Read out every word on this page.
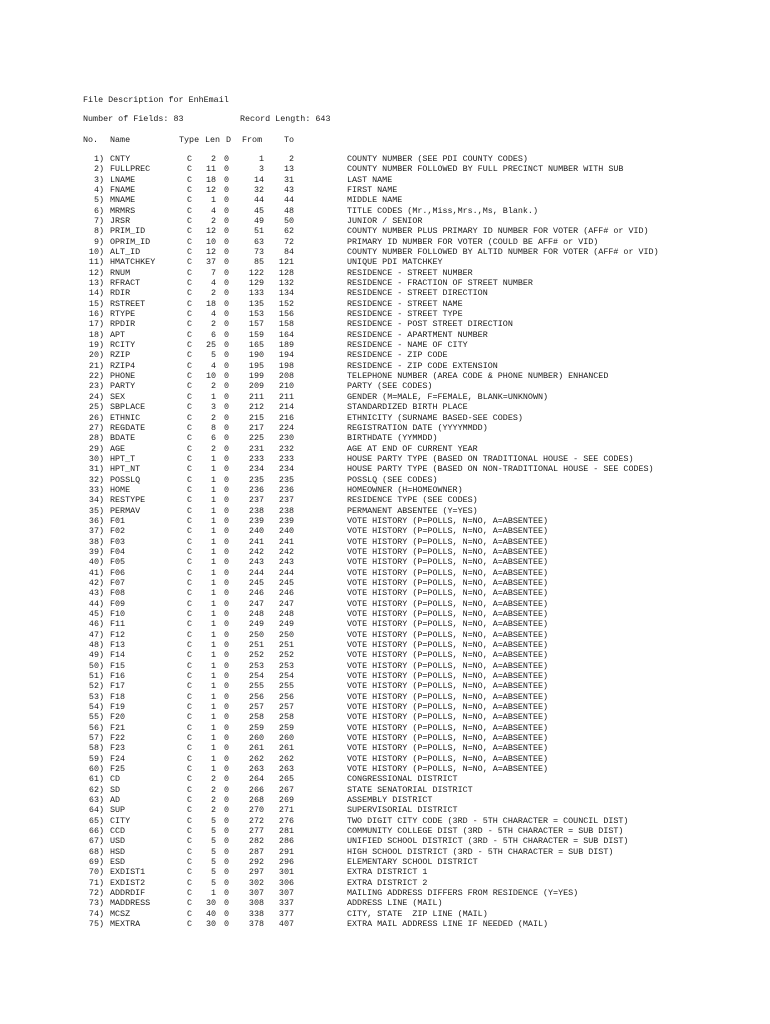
File Description for EnhEmail
Number of Fields: 83	Record Length: 643
No. Name	Type Len D From	To
1) CNTY	C	2 0	1	2	COUNTY NUMBER (SEE PDI COUNTY CODES)
2) FULLPREC	C	11 0	3	13	COUNTY NUMBER FOLLOWED BY FULL PRECINCT NUMBER WITH SUB
3) LNAME	C	18 0	14	31	LAST NAME
4) FNAME	C	12 0	32	43	FIRST NAME
5) MNAME	C	1 0	44	44	MIDDLE NAME
6) MRMRS	C	4 0	45	48	TITLE CODES (Mr.,Miss,Mrs.,Ms, Blank.)
7) JRSR	C	2 0	49	50	JUNIOR / SENIOR
8) PRIM_ID	C	12 0	51	62	COUNTY NUMBER PLUS PRIMARY ID NUMBER FOR VOTER (AFF# or VID)
9) OPRIM_ID	C	10 0	63	72	PRIMARY ID NUMBER FOR VOTER (COULD BE AFF# or VID)
10) ALT_ID	C	12 0	73	84	COUNTY NUMBER FOLLOWED BY ALTID NUMBER FOR VOTER (AFF# or VID)
11) HMATCHKEY	C	37 0	85	121	UNIQUE PDI MATCHKEY
12) RNUM	C	7 0	122	128	RESIDENCE - STREET NUMBER
13) RFRACT	C	4 0	129	132	RESIDENCE - FRACTION OF STREET NUMBER
14) RDIR	C	2 0	133	134	RESIDENCE - STREET DIRECTION
15) RSTREET	C	18 0	135	152	RESIDENCE - STREET NAME
16) RTYPE	C	4 0	153	156	RESIDENCE - STREET TYPE
17) RPDIR	C	2 0	157	158	RESIDENCE - POST STREET DIRECTION
18) APT	C	6 0	159	164	RESIDENCE - APARTMENT NUMBER
19) RCITY	C	25 0	165	189	RESIDENCE - NAME OF CITY
20) RZIP	C	5 0	190	194	RESIDENCE - ZIP CODE
21) RZIP4	C	4 0	195	198	RESIDENCE - ZIP CODE EXTENSION
22) PHONE	C	10 0	199	208	TELEPHONE NUMBER (AREA CODE & PHONE NUMBER) ENHANCED
23) PARTY	C	2 0	209	210	PARTY (SEE CODES)
24) SEX	C	1 0	211	211	GENDER (M=MALE, F=FEMALE, BLANK=UNKNOWN)
25) SBPLACE	C	3 0	212	214	STANDARDIZED BIRTH PLACE
26) ETHNIC	C	2 0	215	216	ETHNICITY (SURNAME BASED-SEE CODES)
27) REGDATE	C	8 0	217	224	REGISTRATION DATE (YYYYMMDD)
28) BDATE	C	6 0	225	230	BIRTHDATE (YYMMDD)
29) AGE	C	2 0	231	232	AGE AT END OF CURRENT YEAR
30) HPT_T	C	1 0	233	233	HOUSE PARTY TYPE (BASED ON TRADITIONAL HOUSE - SEE CODES)
31) HPT_NT	C	1 0	234	234	HOUSE PARTY TYPE (BASED ON NON-TRADITIONAL HOUSE - SEE CODES)
32) POSSLQ	C	1 0	235	235	POSSLQ (SEE CODES)
33) HOME	C	1 0	236	236	HOMEOWNER (H=HOMEOWNER)
34) RESTYPE	C	1 0	237	237	RESIDENCE TYPE (SEE CODES)
35) PERMAV	C	1 0	238	238	PERMANENT ABSENTEE (Y=YES)
36) F01	C	1 0	239	239	VOTE HISTORY (P=POLLS, N=NO, A=ABSENTEE)
37) F02	C	1 0	240	240	VOTE HISTORY (P=POLLS, N=NO, A=ABSENTEE)
38) F03	C	1 0	241	241	VOTE HISTORY (P=POLLS, N=NO, A=ABSENTEE)
39) F04	C	1 0	242	242	VOTE HISTORY (P=POLLS, N=NO, A=ABSENTEE)
40) F05	C	1 0	243	243	VOTE HISTORY (P=POLLS, N=NO, A=ABSENTEE)
41) F06	C	1 0	244	244	VOTE HISTORY (P=POLLS, N=NO, A=ABSENTEE)
42) F07	C	1 0	245	245	VOTE HISTORY (P=POLLS, N=NO, A=ABSENTEE)
43) F08	C	1 0	246	246	VOTE HISTORY (P=POLLS, N=NO, A=ABSENTEE)
44) F09	C	1 0	247	247	VOTE HISTORY (P=POLLS, N=NO, A=ABSENTEE)
45) F10	C	1 0	248	248	VOTE HISTORY (P=POLLS, N=NO, A=ABSENTEE)
46) F11	C	1 0	249	249	VOTE HISTORY (P=POLLS, N=NO, A=ABSENTEE)
47) F12	C	1 0	250	250	VOTE HISTORY (P=POLLS, N=NO, A=ABSENTEE)
48) F13	C	1 0	251	251	VOTE HISTORY (P=POLLS, N=NO, A=ABSENTEE)
49) F14	C	1 0	252	252	VOTE HISTORY (P=POLLS, N=NO, A=ABSENTEE)
50) F15	C	1 0	253	253	VOTE HISTORY (P=POLLS, N=NO, A=ABSENTEE)
51) F16	C	1 0	254	254	VOTE HISTORY (P=POLLS, N=NO, A=ABSENTEE)
52) F17	C	1 0	255	255	VOTE HISTORY (P=POLLS, N=NO, A=ABSENTEE)
53) F18	C	1 0	256	256	VOTE HISTORY (P=POLLS, N=NO, A=ABSENTEE)
54) F19	C	1 0	257	257	VOTE HISTORY (P=POLLS, N=NO, A=ABSENTEE)
55) F20	C	1 0	258	258	VOTE HISTORY (P=POLLS, N=NO, A=ABSENTEE)
56) F21	C	1 0	259	259	VOTE HISTORY (P=POLLS, N=NO, A=ABSENTEE)
57) F22	C	1 0	260	260	VOTE HISTORY (P=POLLS, N=NO, A=ABSENTEE)
58) F23	C	1 0	261	261	VOTE HISTORY (P=POLLS, N=NO, A=ABSENTEE)
59) F24	C	1 0	262	262	VOTE HISTORY (P=POLLS, N=NO, A=ABSENTEE)
60) F25	C	1 0	263	263	VOTE HISTORY (P=POLLS, N=NO, A=ABSENTEE)
61) CD	C	2 0	264	265	CONGRESSIONAL DISTRICT
62) SD	C	2 0	266	267	STATE SENATORIAL DISTRICT
63) AD	C	2 0	268	269	ASSEMBLY DISTRICT
64) SUP	C	2 0	270	271	SUPERVISORIAL DISTRICT
65) CITY	C	5 0	272	276	TWO DIGIT CITY CODE (3RD - 5TH CHARACTER = COUNCIL DIST)
66) CCD	C	5 0	277	281	COMMUNITY COLLEGE DIST (3RD - 5TH CHARACTER = SUB DIST)
67) USD	C	5 0	282	286	UNIFIED SCHOOL DISTRICT (3RD - 5TH CHARACTER = SUB DIST)
68) HSD	C	5 0	287	291	HIGH SCHOOL DISTRICT (3RD - 5TH CHARACTER = SUB DIST)
69) ESD	C	5 0	292	296	ELEMENTARY SCHOOL DISTRICT
70) EXDIST1	C	5 0	297	301	EXTRA DISTRICT 1
71) EXDIST2	C	5 0	302	306	EXTRA DISTRICT 2
72) ADDRDIF	C	1 0	307	307	MAILING ADDRESS DIFFERS FROM RESIDENCE (Y=YES)
73) MADDRESS	C	30 0	308	337	ADDRESS LINE (MAIL)
74) MCSZ	C	40 0	338	377	CITY, STATE  ZIP LINE (MAIL)
75) MEXTRA	C	30 0	378	407	EXTRA MAIL ADDRESS LINE IF NEEDED (MAIL)
